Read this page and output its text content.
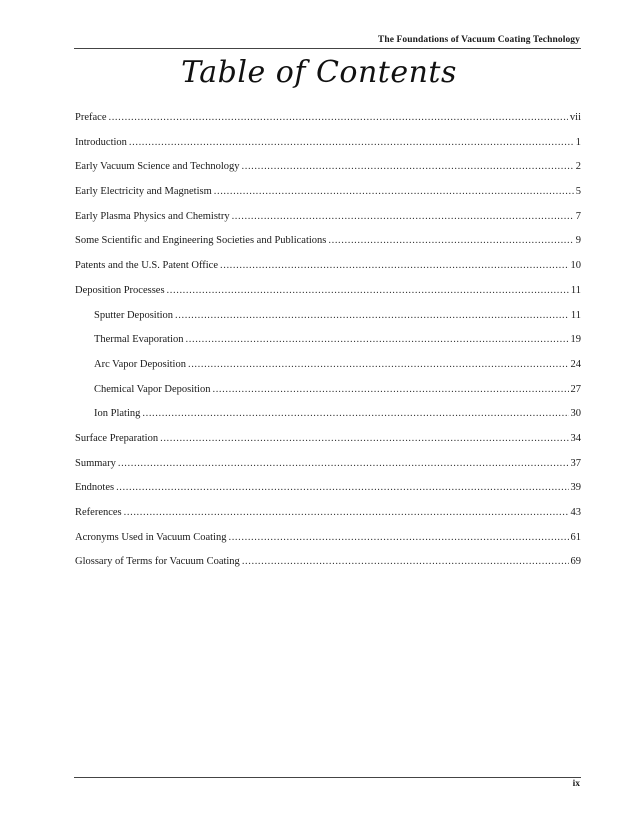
The Foundations of Vacuum Coating Technology
Table of Contents
Preface .....	vii
Introduction .....	1
Early Vacuum Science and Technology .....	2
Early Electricity and Magnetism .....	5
Early Plasma Physics and Chemistry .....	7
Some Scientific and Engineering Societies and Publications .....	9
Patents and the U.S. Patent Office .....	10
Deposition Processes .....	11
Sputter Deposition .....	11
Thermal Evaporation .....	19
Arc Vapor Deposition .....	24
Chemical Vapor Deposition .....	27
Ion Plating .....	30
Surface Preparation .....	34
Summary .....	37
Endnotes .....	39
References .....	43
Acronyms Used in Vacuum Coating .....	61
Glossary of Terms for Vacuum Coating .....	69
ix
